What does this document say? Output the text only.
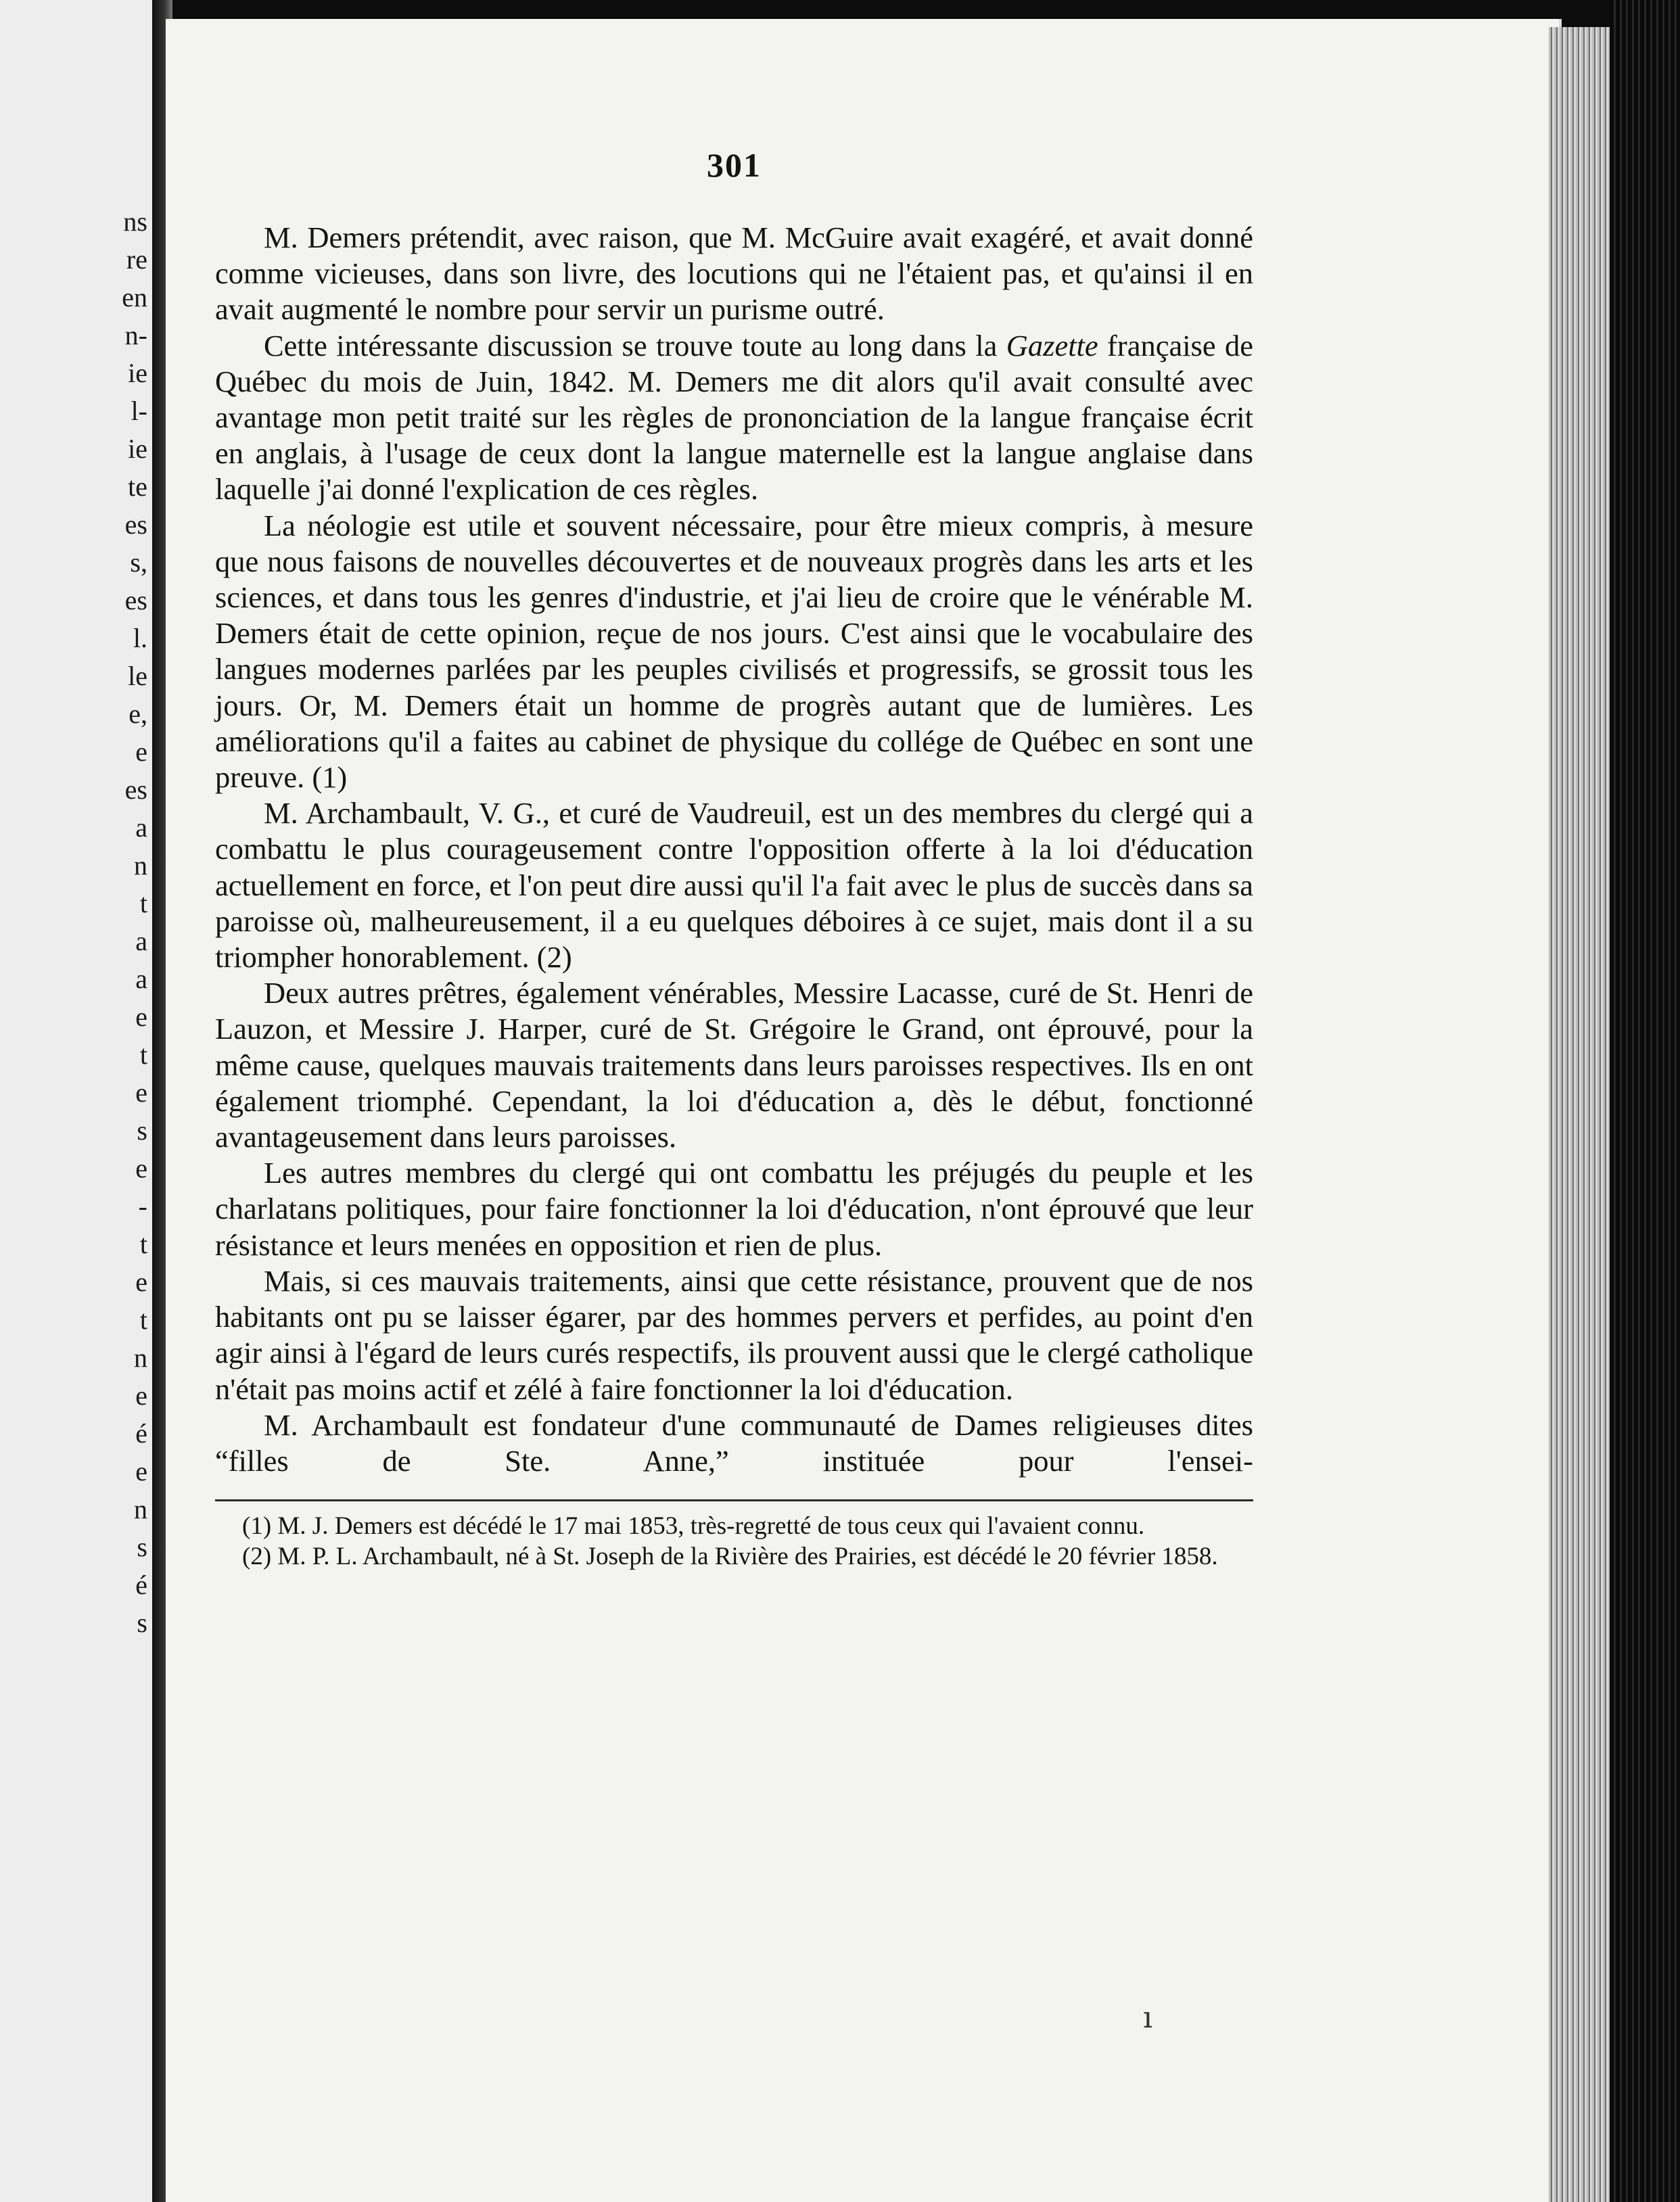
ns
re
en
n-
ie
l-
ie
te
es
s,
es
l.
le
e,
e
es
a
n
t
a
a
e
t
e
s
e
-
t
e
t
n
e
é
e
n
s
é
s
301

M. Demers prétendit, avec raison, que M. McGuire avait exagéré, et avait donné comme vicieuses, dans son livre, des locutions qui ne l'étaient pas, et qu'ainsi il en avait augmenté le nombre pour servir un purisme outré.

Cette intéressante discussion se trouve toute au long dans la Gazette française de Québec du mois de Juin, 1842. M. Demers me dit alors qu'il avait consulté avec avantage mon petit traité sur les règles de prononciation de la langue française écrit en anglais, à l'usage de ceux dont la langue maternelle est la langue anglaise dans laquelle j'ai donné l'explication de ces règles.

La néologie est utile et souvent nécessaire, pour être mieux compris, à mesure que nous faisons de nouvelles découvertes et de nouveaux progrès dans les arts et les sciences, et dans tous les genres d'industrie, et j'ai lieu de croire que le vénérable M. Demers était de cette opinion, reçue de nos jours. C'est ainsi que le vocabulaire des langues modernes parlées par les peuples civilisés et progressifs, se grossit tous les jours. Or, M. Demers était un homme de progrès autant que de lumières. Les améliorations qu'il a faites au cabinet de physique du collége de Québec en sont une preuve. (1)

M. Archambault, V. G., et curé de Vaudreuil, est un des membres du clergé qui a combattu le plus courageusement contre l'opposition offerte à la loi d'éducation actuellement en force, et l'on peut dire aussi qu'il l'a fait avec le plus de succès dans sa paroisse où, malheureusement, il a eu quelques déboires à ce sujet, mais dont il a su triompher honorablement. (2)

Deux autres prêtres, également vénérables, Messire Lacasse, curé de St. Henri de Lauzon, et Messire J. Harper, curé de St. Grégoire le Grand, ont éprouvé, pour la même cause, quelques mauvais traitements dans leurs paroisses respectives. Ils en ont également triomphé. Cependant, la loi d'éducation a, dès le début, fonctionné avantageusement dans leurs paroisses.

Les autres membres du clergé qui ont combattu les préjugés du peuple et les charlatans politiques, pour faire fonctionner la loi d'éducation, n'ont éprouvé que leur résistance et leurs menées en opposition et rien de plus.

Mais, si ces mauvais traitements, ainsi que cette résistance, prouvent que de nos habitants ont pu se laisser égarer, par des hommes pervers et perfides, au point d'en agir ainsi à l'égard de leurs curés respectifs, ils prouvent aussi que le clergé catholique n'était pas moins actif et zélé à faire fonctionner la loi d'éducation.

M. Archambault est fondateur d'une communauté de Dames religieuses dites “filles de Ste. Anne,” instituée pour l'ensei-

(1) M. J. Demers est décédé le 17 mai 1853, très-regretté de tous ceux qui l'avaient connu.

(2) M. P. L. Archambault, né à St. Joseph de la Rivière des Prairies, est décédé le 20 février 1858.

ı
